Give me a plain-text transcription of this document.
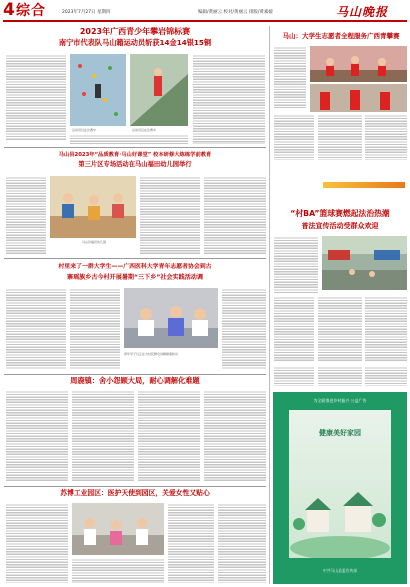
4 综合	2023年7月27日 星期四	编辑/黄丽云 校对/黄丽云 排版/黄素媛	马山晚报
2023年广西青少年攀岩锦标赛
南宁市代表队马山籍运动员斩获14金14银15铜
运动员们在比赛中	运动员们在比赛中
马山：大学生志愿者全程服务广西青攀赛
马山县2023年“品质教育·马山好课堂” 校本研修大练练学前教育
第三片区专场活动在马山福田幼儿园举行
马山县福田幼儿园
“村BA”篮球赛燃起法治热潮
普法宣传活动受群众欢迎
村里来了一群大学生——广西医科大学青年志愿者协会到古
寨瑶族乡古今村开展暑期“三下乡”社会实践活动调
青年学子们正在为村民群众讲解健康知识
周鹿镇：舍小怨顾大局，耐心调解化难题
苏博工业园区：医护天使到园区，关爱女性又贴心
为全面推进乡村振兴 公益广告
健康美好家园
中共马山县委宣传部
